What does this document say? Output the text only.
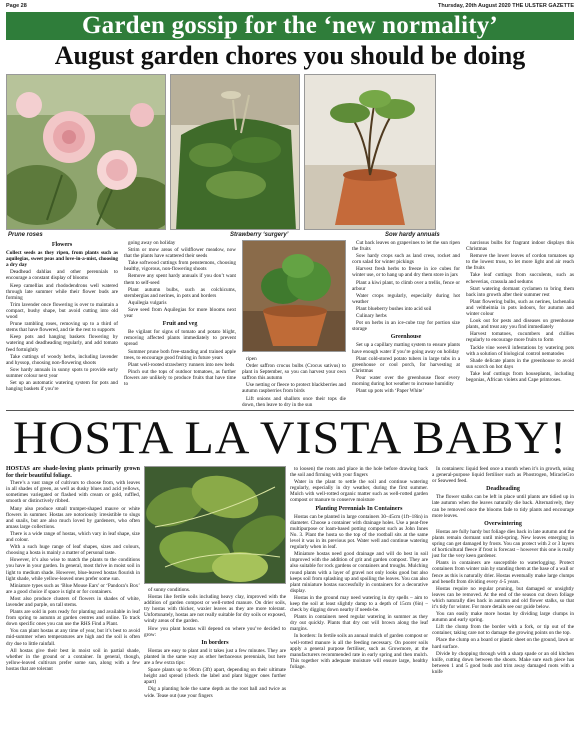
Page 28	Thursday, 20th August 2020 THE ULSTER GAZETTE
Garden gossip for the ‘new normality’
August garden chores you should be doing
Prune roses	Strawberry ‘surgery’	Sow hardy annuals
Flowers

Collect seeds as they ripen, from plants such as aquilegias, sweet peas and love-in-a-mist, choosing a dry day

Deadhead dahlias and other perennials to encourage a constant display of blooms

Keep camellias and rhododendrons well watered through late summer while their flower buds are forming

Trim lavender once flowering is over to maintain a compact, bushy shape, but avoid cutting into old wood

Prune rambling roses, removing up to a third of stems that have flowered, and tie the rest to supports

Keep pots and hanging baskets flowering by watering and deadheading regularly, and add tomato feed fortnightly

Take cuttings of woody herbs, including lavender and hyssop, choosing non-flowering shoots

Sow hardy annuals in sunny spots to provide early summer colour next year

Set up an automatic watering system for pots and hanging baskets if you’re

going away on holiday

Strim or mow areas of wildflower meadow, now that the plants have scattered their seeds

Take softwood cuttings from penstemons, choosing healthy, vigorous, non-flowering shoots

Remove any spent hardy annuals if you don’t want them to self-seed

Plant autumn bulbs, such as colchicums, sternbergias and nerines, in pots and borders

Aquilegia vulgaris

Save seed from Aquilegias for more blooms next year

Fruit and veg

Be vigilant for signs of tomato and potato blight, removing affected plants immediately to prevent spread

Summer prune both free-standing and trained apple trees, to encourage good fruiting in future years

Plant well-rooted strawberry runners into new beds

Pinch out the tops of outdoor tomatoes, as further flowers are unlikely to produce fruits that have time to

ripen

Order saffron crocus bulbs (Crocus sativus) to plant in September, so you can harvest your own saffron this autumn

Use netting or fleece to protect blackberries and autumn raspberries from birds

Lift onions and shallots once their tops die down, then leave to dry in the sun

Cut back leaves on grapevines to let the sun ripen the fruits

Sow hardy crops such as land cress, rocket and corn salad for winter pickings

Harvest fresh herbs to freeze in ice cubes for winter use, or to hang up and dry them store in jars

Plant a kiwi plant, to climb over a trellis, fence or arbour

Water crops regularly, especially during hot weather

Plant blueberry bushes into acid soil

Culinary herbs

Pot on herbs in an ice-cube tray for portion size storage

Greenhouse

Set up a capillary matting system to ensure plants have enough water if you’re going away on holiday

Plant cold-stored potato tubers in large tubs in a greenhouse or cool porch, for harvesting at Christmas

Pour water over the greenhouse floor every morning during hot weather to increase humidity

Plant up pots with ‘Paper White’

narcissus bulbs for fragrant indoor displays this Christmas

Remove the lower leaves of cordon tomatoes up to the lowest truss, to let more light and air reach the fruits

Take leaf cuttings from succulents, such as echeverias, crassula and sedums

Start watering dormant cyclamen to bring them back into growth after their summer rest

Plant flowering bulbs, such as nerines, lachenalia and veltheimia in pots indoors, for autumn and winter colour

Look out for pests and diseases on greenhouse plants, and treat any you find immediately

Harvest tomatoes, cucumbers and chillies regularly to encourage more fruits to form

Tackle vine weevil infestations by watering pots with a solution of biological control nematodes

Shade delicate plants in the greenhouse to avoid sun scorch on hot days

Take leaf cuttings from houseplants, including begonias, African violets and Cape primroses.

HOSTA LA VISTA BABY!

HOSTAS are shade-loving plants primarily grown for their beautiful foliage.

There’s a vast range of cultivars to choose from, with leaves in all shades of green, as well as dusky blues and acid yellows, sometimes variegated or flashed with cream or gold, ruffled, smooth or distinctively ribbed.

Many also produce small trumpet-shaped mauve or white flowers in summer. Hostas are notoriously irresistible to slugs and snails, but are also much loved by gardeners, who often amass large collections.

There is a wide range of hostas, which vary in leaf shape, size and colour.

With a such huge range of leaf shapes, sizes and colours, choosing a hosta is mainly a matter of personal taste.

However, it’s also wise to match the plants to the conditions you have in your garden. In general, most thrive in moist soil in light to medium shade. However, blue-leaved hostas flourish in light shade, while yellow-leaved ones prefer some sun.

Miniature types such as ‘Blue Mouse Ears’ or ‘Pandora’s Box’ are a good choice if space is tight or for containers.

Most also produce clusters of flowers in shades of white, lavender and purple, on tall stems.

Plants are sold in pots ready for planting and available in leaf from spring to autumn at garden centres and online. To track down specific ones you can use the RHS Find a Plant.

You can plant hostas at any time of year, but it’s best to avoid mid-summer when temperatures are high and the soil is often dry due to little rainfall.

All hostas give their best in moist soil in partial shade, whether in the ground or a container. In general, though, yellow-leaved cultivars prefer some sun, along with a few hostas that are tolerant

of sunny conditions.

Hostas like fertile soils including heavy clay, improved with the addition of garden compost or well-rotted manure. On drier soils, try hostas with thicker, waxier leaves as they are more tolerant. Unfortunately, hostas are not really suitable for dry soils or exposed, windy areas of the garden.

How you plant hostas will depend on where you’ve decided to grow:

In borders

Hostas are easy to plant and it takes just a few minutes. They are planted in the same way as other herbaceous perennials, but here are a few extra tips:

Space plants up to 90cm (3ft) apart, depending on their ultimate height and spread (check the label and plant bigger ones further apart)

Dig a planting hole the same depth as the root ball and twice as wide. Tease out (use your fingers

to loosen) the roots and place in the hole before drawing back the soil and firming with your fingers

Water in the plant to settle the soil and continue watering regularly, especially in dry weather, during the first summer. Mulch with well-rotted organic matter such as well-rotted garden compost or manure to conserve moisture

Planting Perennials In Containers

Hostas can be planted in large containers 30–45cm (1ft–18in) in diameter. Choose a container with drainage holes. Use a peat-free multipurpose or loam-based potting compost such as John Innes No. 3. Plant the hosta so the top of the rootball sits at the same level it was in its previous pot. Water well and continue watering regularly when in leaf.

Miniature hostas need good drainage and will do best in soil improved with the addition of grit and garden compost. They are also suitable for rock gardens or containers and troughs. Mulching round plants with a layer of gravel not only looks good but also keeps soil from splashing up and spoiling the leaves. You can also plant miniature hostas successfully in containers for a decorative display.

Hostas in the ground may need watering in dry spells – aim to keep the soil at least slightly damp to a depth of 15cm (6in) – check by digging down nearby if needs-be.

Plants in containers need regular watering in summer as they dry out quickly. Plants that dry out will brown along the leaf margins.

In borders: In fertile soils an annual mulch of garden compost or well-rotted manure is all the feeding necessary. On poorer soils apply a general purpose fertiliser, such as Growmore, at the manufacturers recommended rate in early spring and then mulch. This together with adequate moisture will ensure large, healthy foliage.

In containers: liquid feed once a month when it’s in growth, using a general-purpose liquid fertiliser such as Phostrogen, MiracleGro or Seaweed feed.

Deadheading

The flower stalks can be left in place until plants are tidied up in late autumn when the leaves naturally die back. Alternatively, they can be removed once the blooms fade to tidy plants and encourage more leaves.

Overwintering

Hostas are fully hardy but foliage dies back in late autumn and the plants remain dormant until mid-spring. New leaves emerging in spring can get damaged by frosts. You can protect with 2 or 3 layers of horticultural fleece if frost is forecast – however this one is really just for the very keen gardener.

Plants in containers are susceptible to waterlogging. Protect containers from winter rain by standing them at the base of a wall or fence as this is naturally drier. Hostas eventually make large clumps and benefit from dividing every 4-5 years.

Hostas require no regular pruning, but damaged or unsightly leaves can be removed. At the end of the season cut down foliage which naturally dies back in autumn and old flower stalks, so that it’s tidy for winter. For more details see our guide below.

You can easily make more hostas by dividing large clumps in autumn and early spring.

Lift the clump from the border with a fork, or tip out of the container, taking care not to damage the growing points on the top.

Place the clump on a board or plastic sheet on the ground, lawn or hard surface.

Divide by chopping through with a sharp spade or an old kitchen knife, cutting down between the shoots. Make sure each piece has between 1 and 5 good buds and trim away damaged roots with a knife
